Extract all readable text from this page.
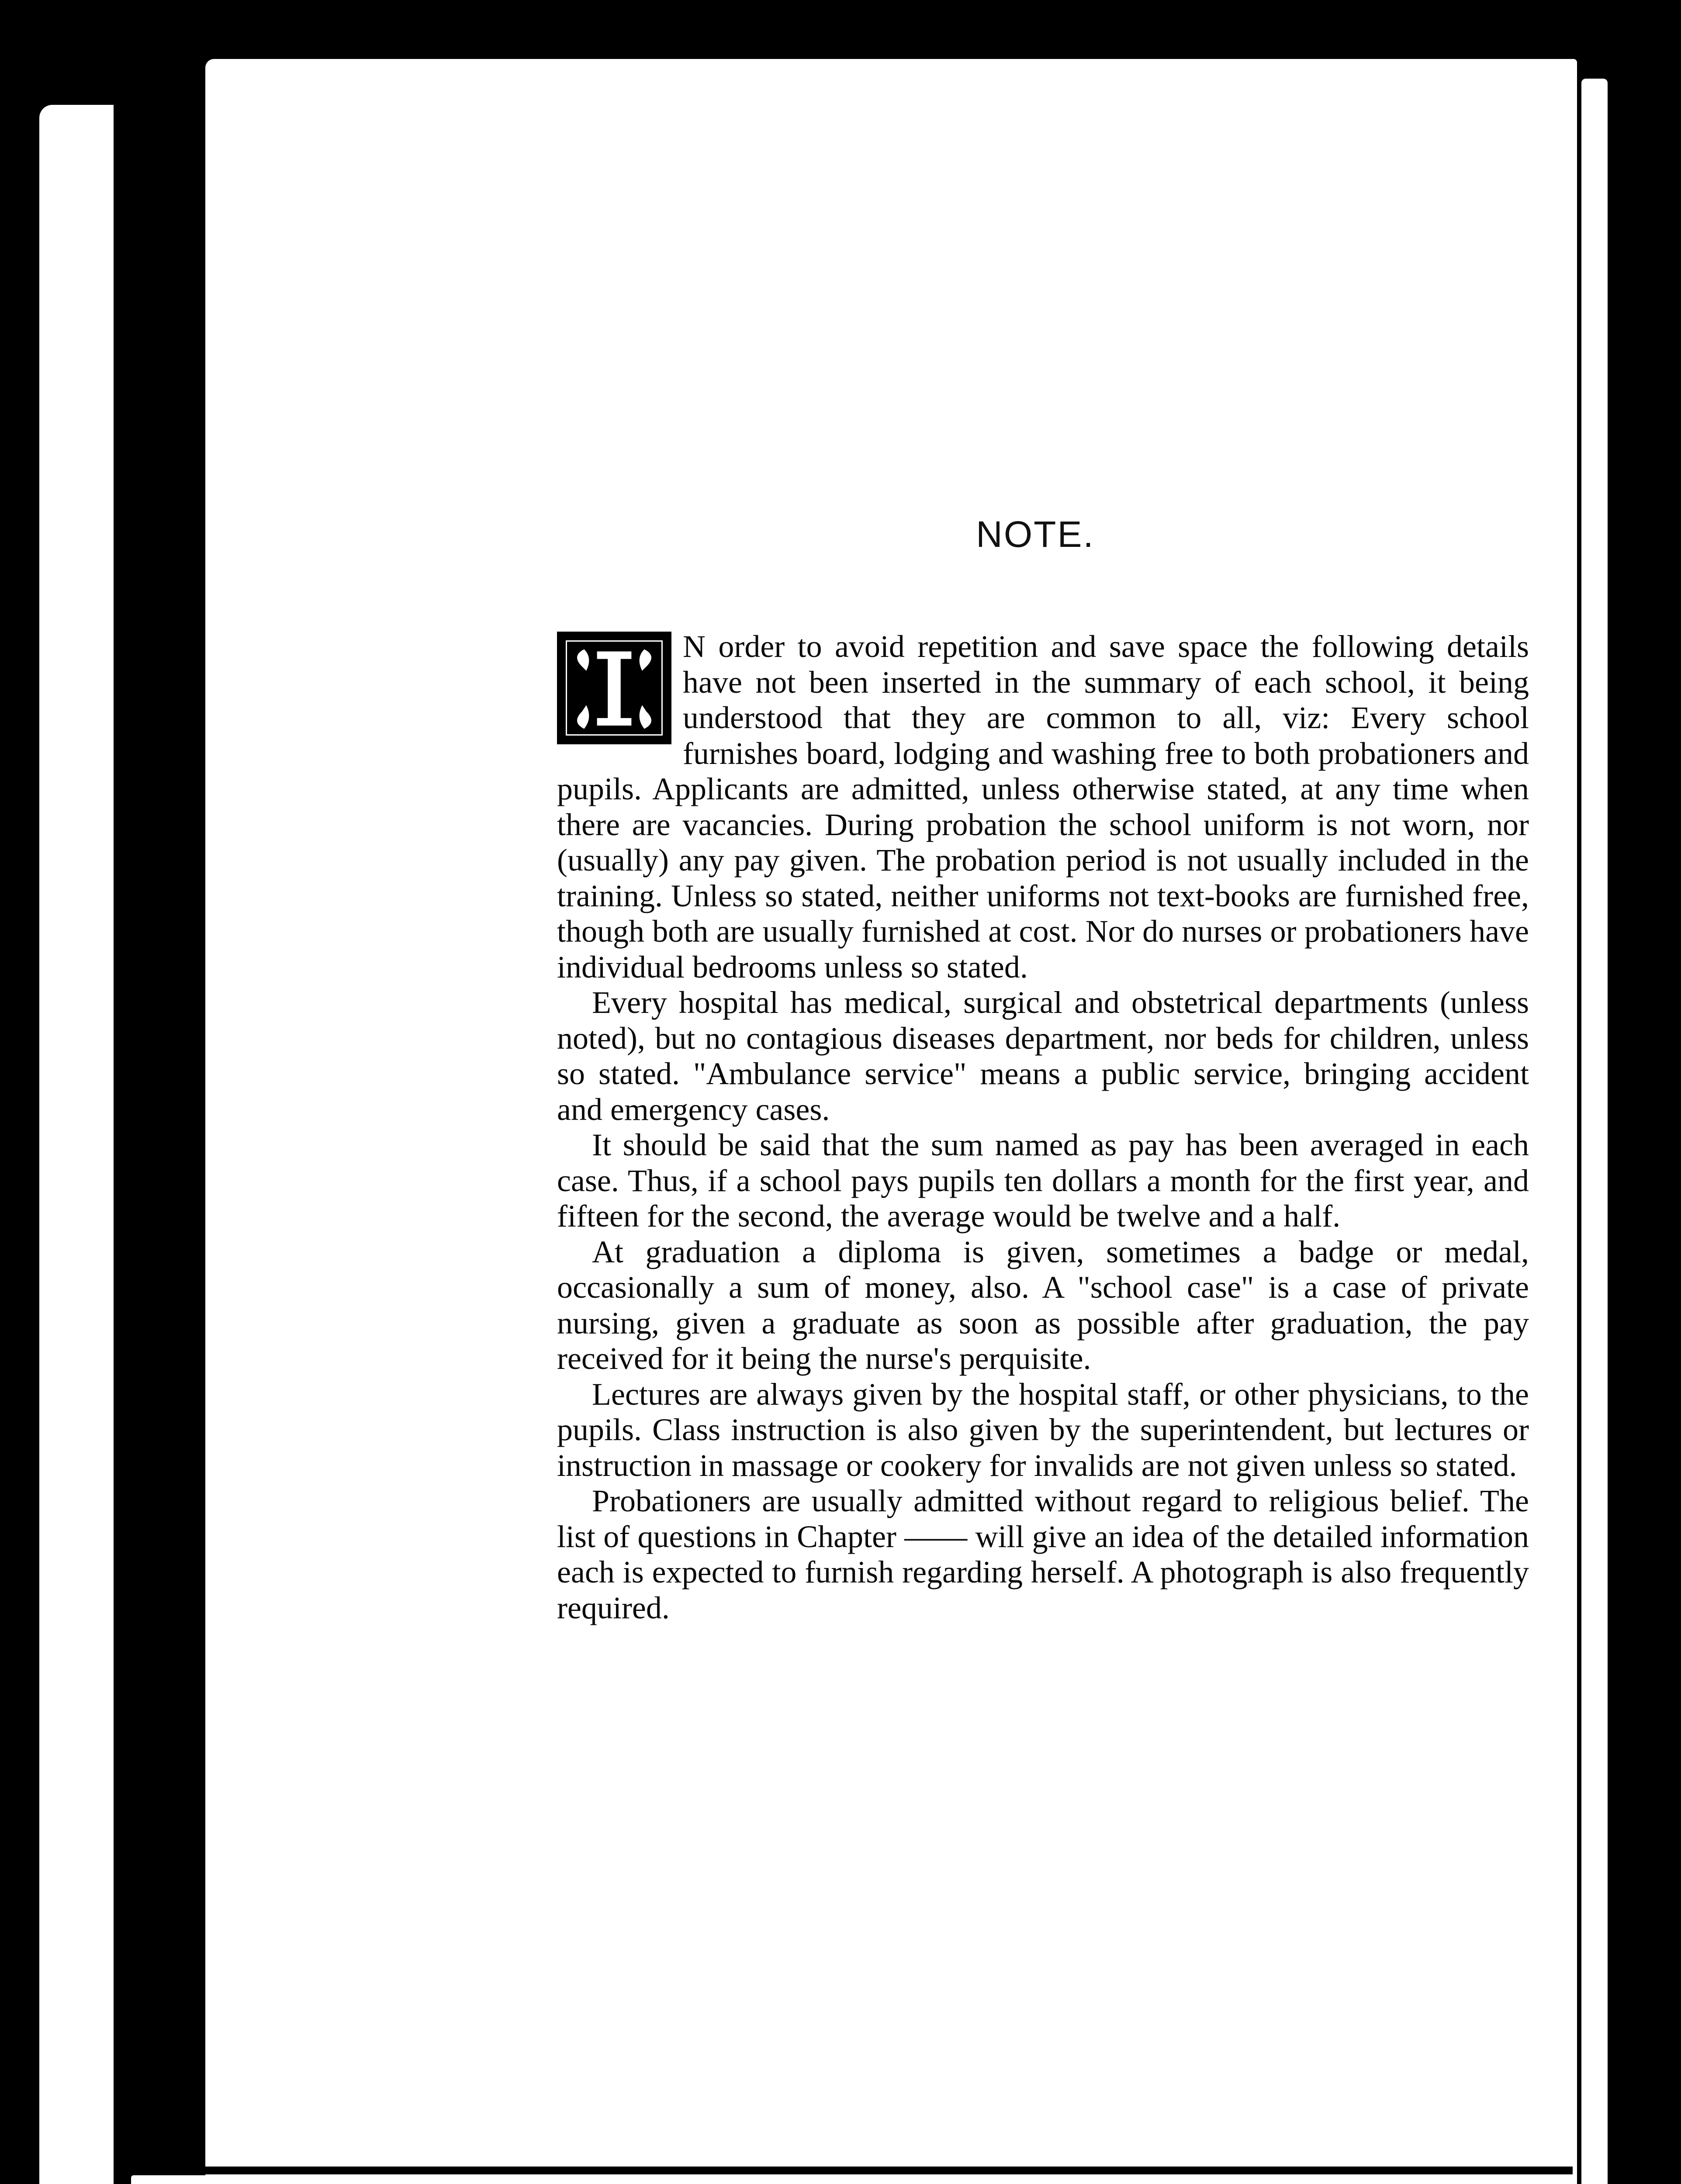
NOTE.

N order to avoid repetition and save space the following details have not been inserted in the summary of each school, it being understood that they are common to all, viz: Every school furnishes board, lodging and washing free to both probationers and pupils. Applicants are admitted, unless otherwise stated, at any time when there are vacancies. During probation the school uniform is not worn, nor (usually) any pay given. The probation period is not usually included in the training. Unless so stated, neither uniforms not text-books are furnished free, though both are usually furnished at cost. Nor do nurses or probationers have individual bedrooms unless so stated.

Every hospital has medical, surgical and obstetrical departments (unless noted), but no contagious diseases department, nor beds for children, unless so stated. "Ambulance service" means a public service, bringing accident and emergency cases.

It should be said that the sum named as pay has been averaged in each case. Thus, if a school pays pupils ten dollars a month for the first year, and fifteen for the second, the average would be twelve and a half.

At graduation a diploma is given, sometimes a badge or medal, occasionally a sum of money, also. A "school case" is a case of private nursing, given a graduate as soon as possible after graduation, the pay received for it being the nurse's perquisite.

Lectures are always given by the hospital staff, or other physicians, to the pupils. Class instruction is also given by the superintendent, but lectures or instruction in massage or cookery for invalids are not given unless so stated.

Probationers are usually admitted without regard to religious belief. The list of questions in Chapter —— will give an idea of the detailed information each is expected to furnish regarding herself. A photograph is also frequently required.
